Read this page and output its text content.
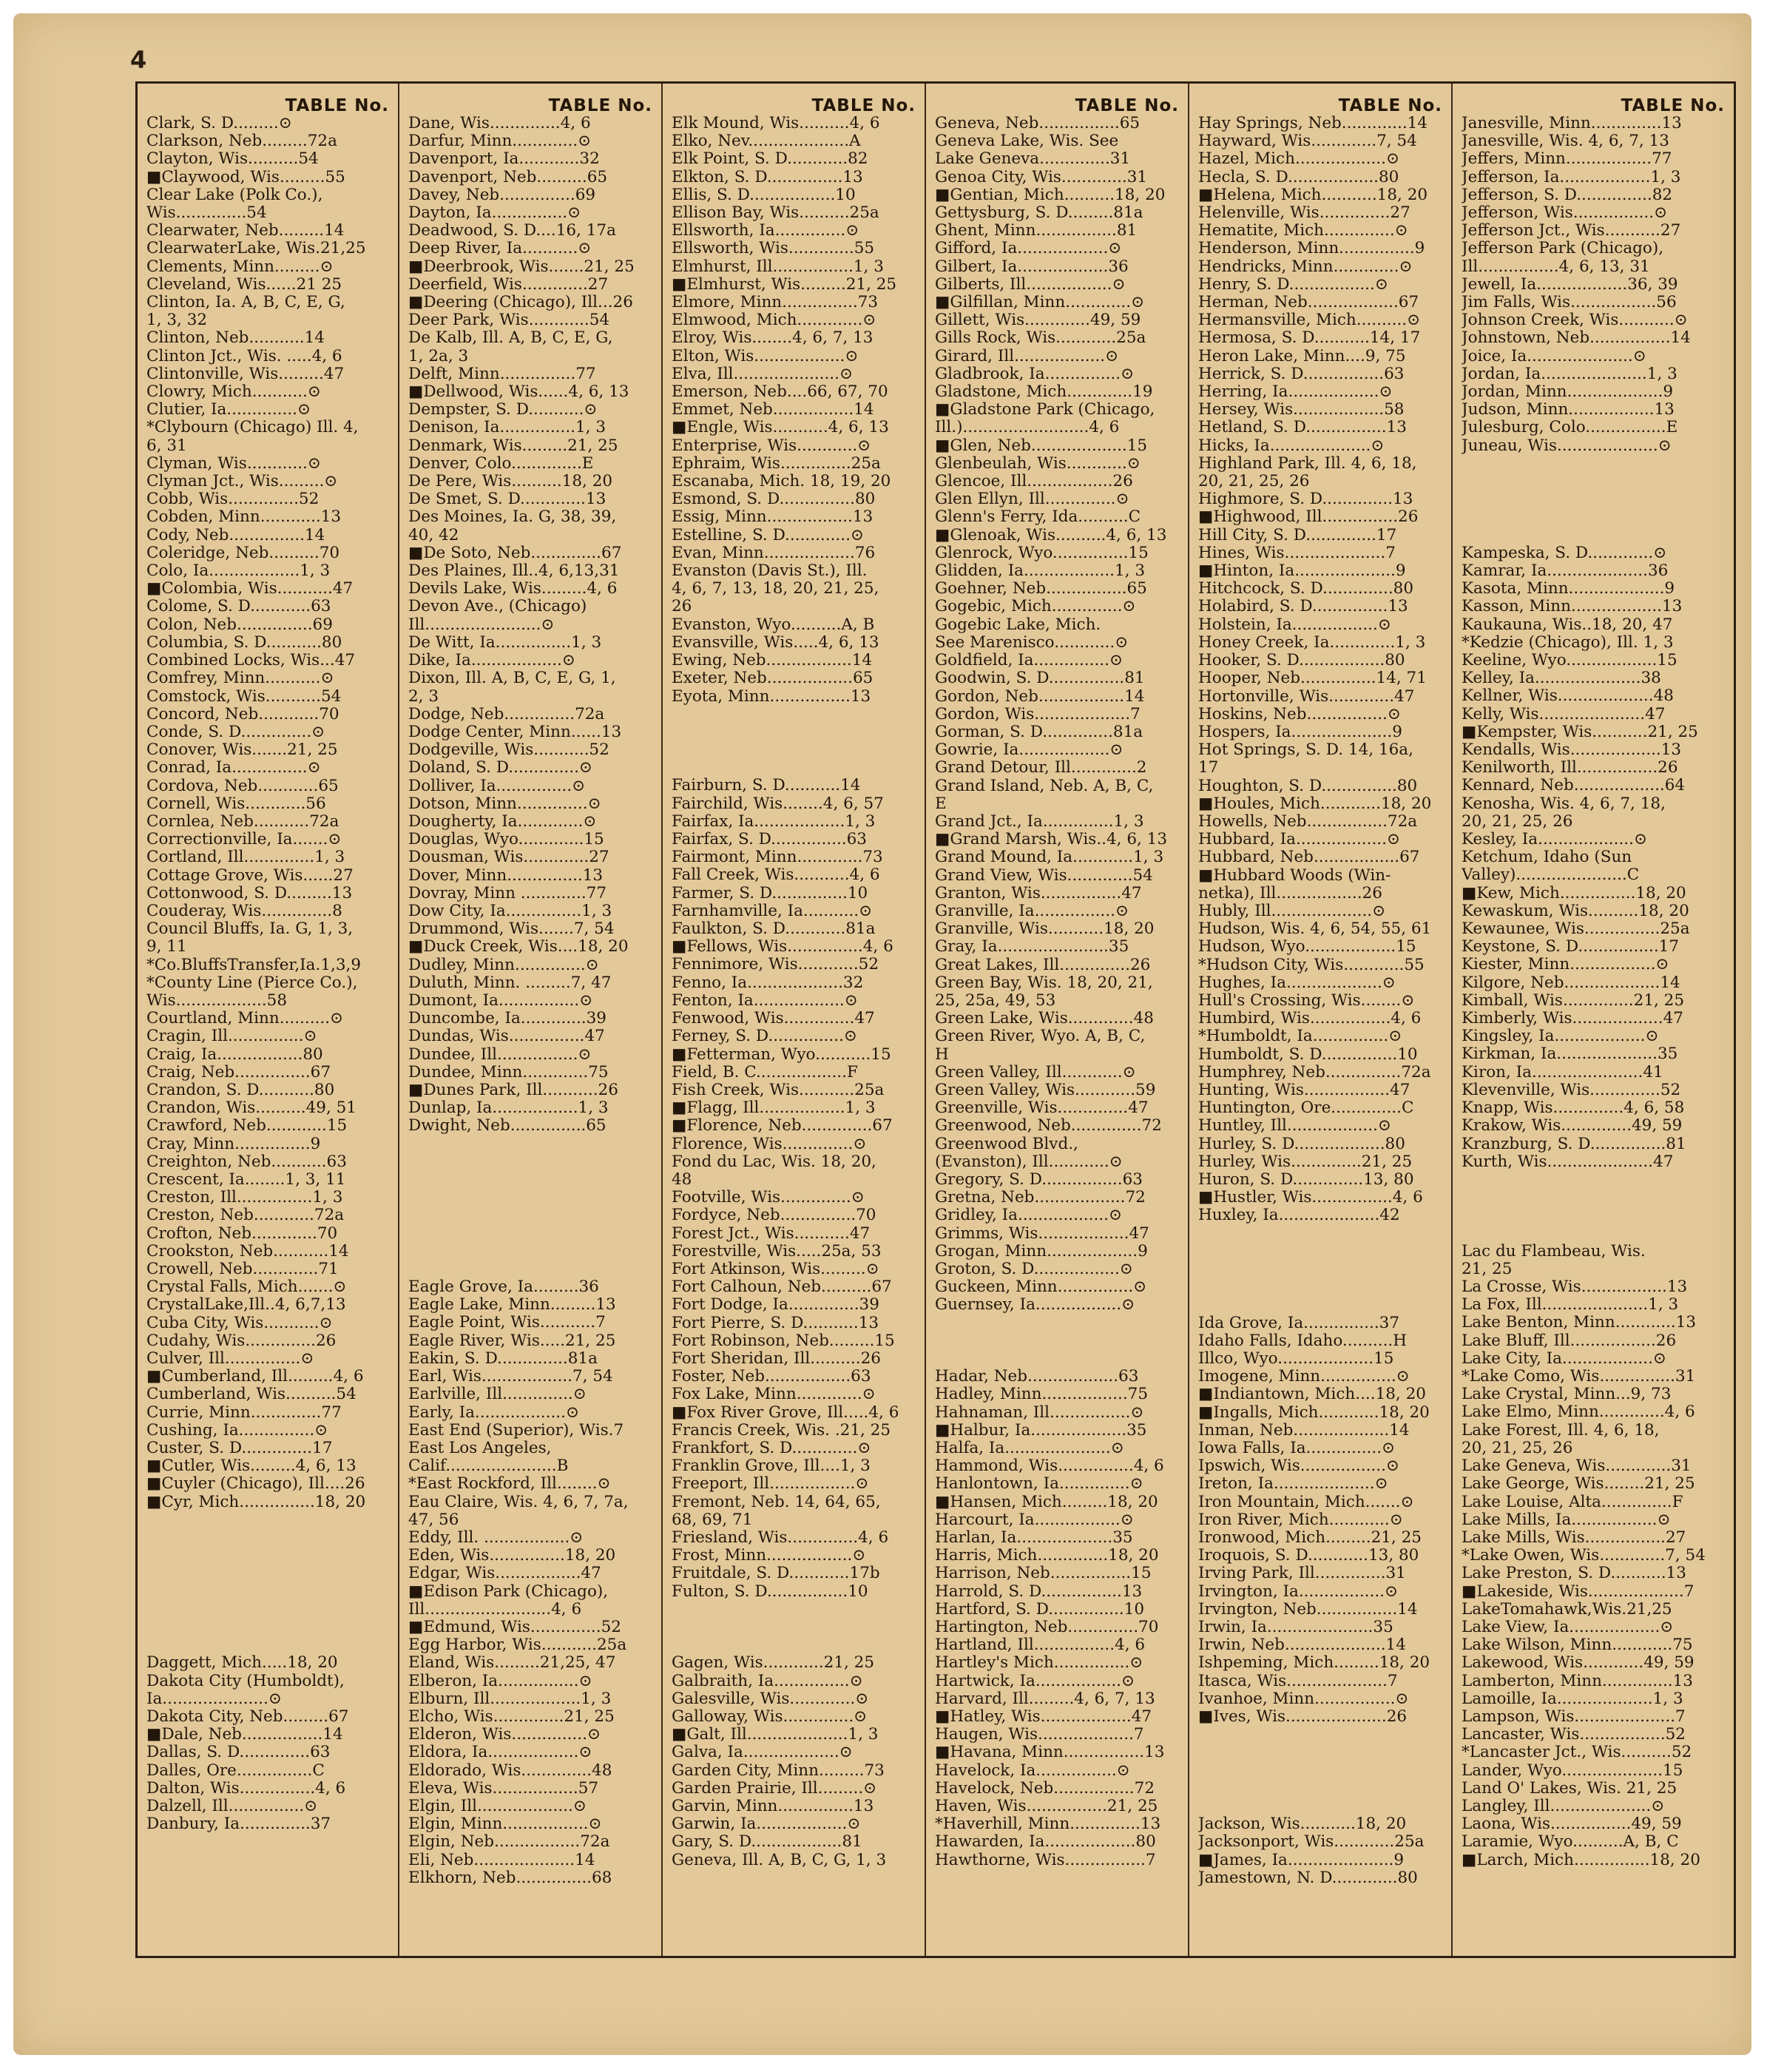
4
TABLE No.
Clark, S. D.........⊙
Clarkson, Neb.........72a
Clayton, Wis..........54
■Claywood, Wis.........55
Clear Lake (Polk Co.),
Wis..............54
Clearwater, Neb.........14
ClearwaterLake, Wis.21,25
Clements, Minn.........⊙
Cleveland, Wis......21 25
Clinton, Ia. A, B, C, E, G,
1, 3, 32
Clinton, Neb...........14
Clinton Jct., Wis. .....4, 6
Clintonville, Wis.........47
Clowry, Mich...........⊙
Clutier, Ia..............⊙
*Clybourn (Chicago) Ill. 4,
6, 31
Clyman, Wis............⊙
Clyman Jct., Wis.........⊙
Cobb, Wis..............52
Cobden, Minn............13
Cody, Neb...............14
Coleridge, Neb..........70
Colo, Ia..................1, 3
■Colombia, Wis...........47
Colome, S. D............63
Colon, Neb...............69
Columbia, S. D...........80
Combined Locks, Wis...47
Comfrey, Minn...........⊙
Comstock, Wis...........54
Concord, Neb............70
Conde, S. D..............⊙
Conover, Wis.......21, 25
Conrad, Ia...............⊙
Cordova, Neb............65
Cornell, Wis............56
Cornlea, Neb...........72a
Correctionville, Ia.......⊙
Cortland, Ill..............1, 3
Cottage Grove, Wis......27
Cottonwood, S. D.........13
Couderay, Wis..............8
Council Bluffs, Ia. G, 1, 3,
9, 11
*Co.BluffsTransfer,Ia.1,3,9
*County Line (Pierce Co.),
Wis..................58
Courtland, Minn..........⊙
Cragin, Ill...............⊙
Craig, Ia.................80
Craig, Neb...............67
Crandon, S. D...........80
Crandon, Wis..........49, 51
Crawford, Neb............15
Cray, Minn...............9
Creighton, Neb...........63
Crescent, Ia........1, 3, 11
Creston, Ill...............1, 3
Creston, Neb............72a
Crofton, Neb.............70
Crookston, Neb...........14
Crowell, Neb.............71
Crystal Falls, Mich.......⊙
CrystalLake,Ill..4, 6,7,13
Cuba City, Wis...........⊙
Cudahy, Wis..............26
Culver, Ill...............⊙
■Cumberland, Ill.........4, 6
Cumberland, Wis..........54
Currie, Minn..............77
Cushing, Ia...............⊙
Custer, S. D..............17
■Cutler, Wis.........4, 6, 13
■Cuyler (Chicago), Ill....26
■Cyr, Mich...............18, 20
Daggett, Mich.....18, 20
Dakota City (Humboldt),
Ia.....................⊙
Dakota City, Neb.........67
■Dale, Neb................14
Dallas, S. D..............63
Dalles, Ore...............C
Dalton, Wis...............4, 6
Dalzell, Ill...............⊙
Danbury, Ia..............37
TABLE No.
Dane, Wis..............4, 6
Darfur, Minn.............⊙
Davenport, Ia............32
Davenport, Neb..........65
Davey, Neb...............69
Dayton, Ia...............⊙
Deadwood, S. D....16, 17a
Deep River, Ia...........⊙
■Deerbrook, Wis.......21, 25
Deerfield, Wis.............27
■Deering (Chicago), Ill...26
Deer Park, Wis............54
De Kalb, Ill. A, B, C, E, G,
1, 2a, 3
Delft, Minn...............77
■Dellwood, Wis......4, 6, 13
Dempster, S. D...........⊙
Denison, Ia...............1, 3
Denmark, Wis.........21, 25
Denver, Colo..............E
De Pere, Wis..........18, 20
De Smet, S. D.............13
Des Moines, Ia. G, 38, 39,
40, 42
■De Soto, Neb..............67
Des Plaines, Ill..4, 6,13,31
Devils Lake, Wis.........4, 6
Devon Ave., (Chicago)
Ill.......................⊙
De Witt, Ia...............1, 3
Dike, Ia..................⊙
Dixon, Ill. A, B, C, E, G, 1,
2, 3
Dodge, Neb..............72a
Dodge Center, Minn......13
Dodgeville, Wis...........52
Doland, S. D..............⊙
Dolliver, Ia...............⊙
Dotson, Minn..............⊙
Dougherty, Ia.............⊙
Douglas, Wyo.............15
Dousman, Wis.............27
Dover, Minn...............13
Dovray, Minn .............77
Dow City, Ia...............1, 3
Drummond, Wis.......7, 54
■Duck Creek, Wis....18, 20
Dudley, Minn..............⊙
Duluth, Minn. .........7, 47
Dumont, Ia................⊙
Duncombe, Ia.............39
Dundas, Wis...............47
Dundee, Ill................⊙
Dundee, Minn.............75
■Dunes Park, Ill...........26
Dunlap, Ia.................1, 3
Dwight, Neb...............65
Eagle Grove, Ia.........36
Eagle Lake, Minn.........13
Eagle Point, Wis...........7
Eagle River, Wis.....21, 25
Eakin, S. D..............81a
Earl, Wis..................7, 54
Earlville, Ill..............⊙
Early, Ia..................⊙
East End (Superior), Wis.7
East Los Angeles,
Calif......................B
*East Rockford, Ill........⊙
Eau Claire, Wis. 4, 6, 7, 7a,
47, 56
Eddy, Ill. .................⊙
Eden, Wis...............18, 20
Edgar, Wis.................47
■Edison Park (Chicago),
Ill.........................4, 6
■Edmund, Wis..............52
Egg Harbor, Wis...........25a
Eland, Wis.........21,25, 47
Elberon, Ia................⊙
Elburn, Ill..................1, 3
Elcho, Wis..............21, 25
Elderon, Wis...............⊙
Eldora, Ia..................⊙
Eldorado, Wis..............48
Eleva, Wis.................57
Elgin, Ill...................⊙
Elgin, Minn.................⊙
Elgin, Neb.................72a
Eli, Neb....................14
Elkhorn, Neb...............68
TABLE No.
Elk Mound, Wis..........4, 6
Elko, Nev....................A
Elk Point, S. D............82
Elkton, S. D...............13
Ellis, S. D.................10
Ellison Bay, Wis..........25a
Ellsworth, Ia..............⊙
Ellsworth, Wis.............55
Elmhurst, Ill................1, 3
■Elmhurst, Wis.........21, 25
Elmore, Minn...............73
Elmwood, Mich.............⊙
Elroy, Wis........4, 6, 7, 13
Elton, Wis..................⊙
Elva, Ill.....................⊙
Emerson, Neb....66, 67, 70
Emmet, Neb................14
■Engle, Wis...........4, 6, 13
Enterprise, Wis............⊙
Ephraim, Wis..............25a
Escanaba, Mich. 18, 19, 20
Esmond, S. D...............80
Essig, Minn.................13
Estelline, S. D.............⊙
Evan, Minn..................76
Evanston (Davis St.), Ill.
4, 6, 7, 13, 18, 20, 21, 25,
26
Evanston, Wyo..........A, B
Evansville, Wis.....4, 6, 13
Ewing, Neb.................14
Exeter, Neb.................65
Eyota, Minn................13
Fairburn, S. D...........14
Fairchild, Wis........4, 6, 57
Fairfax, Ia..................1, 3
Fairfax, S. D...............63
Fairmont, Minn.............73
Fall Creek, Wis...........4, 6
Farmer, S. D...............10
Farnhamville, Ia...........⊙
Faulkton, S. D............81a
■Fellows, Wis...............4, 6
Fennimore, Wis............52
Fenno, Ia...................32
Fenton, Ia..................⊙
Fenwood, Wis..............47
Ferney, S. D...............⊙
■Fetterman, Wyo...........15
Field, B. C..................F
Fish Creek, Wis...........25a
■Flagg, Ill.................1, 3
■Florence, Neb..............67
Florence, Wis..............⊙
Fond du Lac, Wis. 18, 20,
48
Footville, Wis..............⊙
Fordyce, Neb...............70
Forest Jct., Wis...........47
Forestville, Wis.....25a, 53
Fort Atkinson, Wis.........⊙
Fort Calhoun, Neb..........67
Fort Dodge, Ia..............39
Fort Pierre, S. D...........13
Fort Robinson, Neb.........15
Fort Sheridan, Ill..........26
Foster, Neb.................63
Fox Lake, Minn.............⊙
■Fox River Grove, Ill.....4, 6
Francis Creek, Wis. .21, 25
Frankfort, S. D.............⊙
Franklin Grove, Ill....1, 3
Freeport, Ill.................⊙
Fremont, Neb. 14, 64, 65,
68, 69, 71
Friesland, Wis..............4, 6
Frost, Minn.................⊙
Fruitdale, S. D............17b
Fulton, S. D................10
Gagen, Wis............21, 25
Galbraith, Ia...............⊙
Galesville, Wis.............⊙
Galloway, Wis..............⊙
■Galt, Ill....................1, 3
Galva, Ia...................⊙
Garden City, Minn.........73
Garden Prairie, Ill.........⊙
Garvin, Minn...............13
Garwin, Ia..................⊙
Gary, S. D..................81
Geneva, Ill. A, B, C, G, 1, 3
TABLE No.
Geneva, Neb................65
Geneva Lake, Wis. See
Lake Geneva..............31
Genoa City, Wis.............31
■Gentian, Mich..........18, 20
Gettysburg, S. D.........81a
Ghent, Minn................81
Gifford, Ia..................⊙
Gilbert, Ia..................36
Gilberts, Ill.................⊙
■Gilfillan, Minn.............⊙
Gillett, Wis.............49, 59
Gills Rock, Wis............25a
Girard, Ill..................⊙
Gladbrook, Ia...............⊙
Gladstone, Mich.............19
■Gladstone Park (Chicago,
Ill.).........................4, 6
■Glen, Neb...................15
Glenbeulah, Wis............⊙
Glencoe, Ill.................26
Glen Ellyn, Ill..............⊙
Glenn's Ferry, Ida..........C
■Glenoak, Wis..........4, 6, 13
Glenrock, Wyo...............15
Glidden, Ia..................1, 3
Goehner, Neb................65
Gogebic, Mich..............⊙
Gogebic Lake, Mich.
See Marenisco............⊙
Goldfield, Ia...............⊙
Goodwin, S. D...............81
Gordon, Neb.................14
Gordon, Wis...................7
Gorman, S. D..............81a
Gowrie, Ia..................⊙
Grand Detour, Ill.............2
Grand Island, Neb. A, B, C,
E
Grand Jct., Ia..............1, 3
■Grand Marsh, Wis..4, 6, 13
Grand Mound, Ia............1, 3
Grand View, Wis.............54
Granton, Wis................47
Granville, Ia................⊙
Granville, Wis...........18, 20
Gray, Ia......................35
Great Lakes, Ill..............26
Green Bay, Wis. 18, 20, 21,
25, 25a, 49, 53
Green Lake, Wis.............48
Green River, Wyo. A, B, C,
H
Green Valley, Ill............⊙
Green Valley, Wis............59
Greenville, Wis..............47
Greenwood, Neb..............72
Greenwood Blvd.,
(Evanston), Ill............⊙
Gregory, S. D................63
Gretna, Neb..................72
Gridley, Ia..................⊙
Grimms, Wis..................47
Grogan, Minn..................9
Groton, S. D.................⊙
Guckeen, Minn...............⊙
Guernsey, Ia.................⊙
Hadar, Neb..................63
Hadley, Minn.................75
Hahnaman, Ill................⊙
■Halbur, Ia...................35
Halfa, Ia.....................⊙
Hammond, Wis...............4, 6
Hanlontown, Ia..............⊙
■Hansen, Mich.........18, 20
Harcourt, Ia.................⊙
Harlan, Ia...................35
Harris, Mich..............18, 20
Harrison, Neb................15
Harrold, S. D................13
Hartford, S. D...............10
Hartington, Neb..............70
Hartland, Ill................4, 6
Hartley's Mich...............⊙
Hartwick, Ia.................⊙
Harvard, Ill.........4, 6, 7, 13
■Hatley, Wis..................47
Haugen, Wis...................7
■Havana, Minn................13
Havelock, Ia................⊙
Havelock, Neb................72
Haven, Wis................21, 25
*Haverhill, Minn..............13
Hawarden, Ia..................80
Hawthorne, Wis................7
TABLE No.
Hay Springs, Neb.............14
Hayward, Wis.............7, 54
Hazel, Mich..................⊙
Hecla, S. D..................80
■Helena, Mich...........18, 20
Helenville, Wis..............27
Hematite, Mich..............⊙
Henderson, Minn...............9
Hendricks, Minn.............⊙
Henry, S. D.................⊙
Herman, Neb..................67
Hermansville, Mich..........⊙
Hermosa, S. D...........14, 17
Heron Lake, Minn....9, 75
Herrick, S. D................63
Herring, Ia..................⊙
Hersey, Wis..................58
Hetland, S. D................13
Hicks, Ia....................⊙
Highland Park, Ill. 4, 6, 18,
20, 21, 25, 26
Highmore, S. D..............13
■Highwood, Ill...............26
Hill City, S. D..............17
Hines, Wis....................7
■Hinton, Ia....................9
Hitchcock, S. D..............80
Holabird, S. D...............13
Holstein, Ia.................⊙
Honey Creek, Ia.............1, 3
Hooker, S. D.................80
Hooper, Neb...............14, 71
Hortonville, Wis.............47
Hoskins, Neb................⊙
Hospers, Ia....................9
Hot Springs, S. D. 14, 16a,
17
Houghton, S. D...............80
■Houles, Mich............18, 20
Howells, Neb................72a
Hubbard, Ia..................⊙
Hubbard, Neb.................67
■Hubbard Woods (Win-
netka), Ill.................26
Hubly, Ill....................⊙
Hudson, Wis. 4, 6, 54, 55, 61
Hudson, Wyo..................15
*Hudson City, Wis............55
Hughes, Ia...................⊙
Hull's Crossing, Wis........⊙
Humbird, Wis................4, 6
*Humboldt, Ia...............⊙
Humboldt, S. D...............10
Humphrey, Neb...............72a
Hunting, Wis.................47
Huntington, Ore..............C
Huntley, Ill..................⊙
Hurley, S. D..................80
Hurley, Wis..............21, 25
Huron, S. D..............13, 80
■Hustler, Wis................4, 6
Huxley, Ia....................42
Ida Grove, Ia...............37
Idaho Falls, Idaho..........H
Illco, Wyo...................15
Imogene, Minn...............⊙
■Indiantown, Mich....18, 20
■Ingalls, Mich............18, 20
Inman, Neb...................14
Iowa Falls, Ia...............⊙
Ipswich, Wis.................⊙
Ireton, Ia....................⊙
Iron Mountain, Mich.......⊙
Iron River, Mich............⊙
Ironwood, Mich.........21, 25
Iroquois, S. D............13, 80
Irving Park, Ill..............31
Irvington, Ia.................⊙
Irvington, Neb................14
Irwin, Ia.....................35
Irwin, Neb....................14
Ishpeming, Mich.........18, 20
Itasca, Wis....................7
Ivanhoe, Minn................⊙
■Ives, Wis....................26
Jackson, Wis...........18, 20
Jacksonport, Wis............25a
■James, Ia.....................9
Jamestown, N. D.............80
TABLE No.
Janesville, Minn..............13
Janesville, Wis. 4, 6, 7, 13
Jeffers, Minn.................77
Jefferson, Ia..................1, 3
Jefferson, S. D...............82
Jefferson, Wis................⊙
Jefferson Jct., Wis...........27
Jefferson Park (Chicago),
Ill................4, 6, 13, 31
Jewell, Ia..................36, 39
Jim Falls, Wis.................56
Johnson Creek, Wis...........⊙
Johnstown, Neb................14
Joice, Ia.....................⊙
Jordan, Ia.....................1, 3
Jordan, Minn...................9
Judson, Minn.................13
Julesburg, Colo................E
Juneau, Wis....................⊙
Kampeska, S. D.............⊙
Kamrar, Ia....................36
Kasota, Minn...................9
Kasson, Minn..................13
Kaukauna, Wis..18, 20, 47
*Kedzie (Chicago), Ill. 1, 3
Keeline, Wyo..................15
Kelley, Ia.....................38
Kellner, Wis...................48
Kelly, Wis.....................47
■Kempster, Wis...........21, 25
Kendalls, Wis..................13
Kenilworth, Ill................26
Kennard, Neb..................64
Kenosha, Wis. 4, 6, 7, 18,
20, 21, 25, 26
Kesley, Ia...................⊙
Ketchum, Idaho (Sun
Valley)......................C
■Kew, Mich...............18, 20
Kewaskum, Wis..........18, 20
Kewaunee, Wis...............25a
Keystone, S. D................17
Kiester, Minn.................⊙
Kilgore, Neb...................14
Kimball, Wis..............21, 25
Kimberly, Wis..................47
Kingsley, Ia..................⊙
Kirkman, Ia....................35
Kiron, Ia......................41
Klevenville, Wis..............52
Knapp, Wis..............4, 6, 58
Krakow, Wis..............49, 59
Kranzburg, S. D...............81
Kurth, Wis.....................47
Lac du Flambeau, Wis.
21, 25
La Crosse, Wis.................13
La Fox, Ill.....................1, 3
Lake Benton, Minn............13
Lake Bluff, Ill.................26
Lake City, Ia..................⊙
*Lake Como, Wis...............31
Lake Crystal, Minn...9, 73
Lake Elmo, Minn.............4, 6
Lake Forest, Ill. 4, 6, 18,
20, 21, 25, 26
Lake Geneva, Wis.............31
Lake George, Wis........21, 25
Lake Louise, Alta..............F
Lake Mills, Ia.................⊙
Lake Mills, Wis................27
*Lake Owen, Wis.............7, 54
Lake Preston, S. D...........13
■Lakeside, Wis...................7
LakeTomahawk,Wis.21,25
Lake View, Ia..................⊙
Lake Wilson, Minn............75
Lakewood, Wis............49, 59
Lamberton, Minn..............13
Lamoille, Ia...................1, 3
Lampson, Wis....................7
Lancaster, Wis.................52
*Lancaster Jct., Wis..........52
Lander, Wyo....................15
Land O' Lakes, Wis. 21, 25
Langley, Ill....................⊙
Laona, Wis................49, 59
Laramie, Wyo..........A, B, C
■Larch, Mich...............18, 20
